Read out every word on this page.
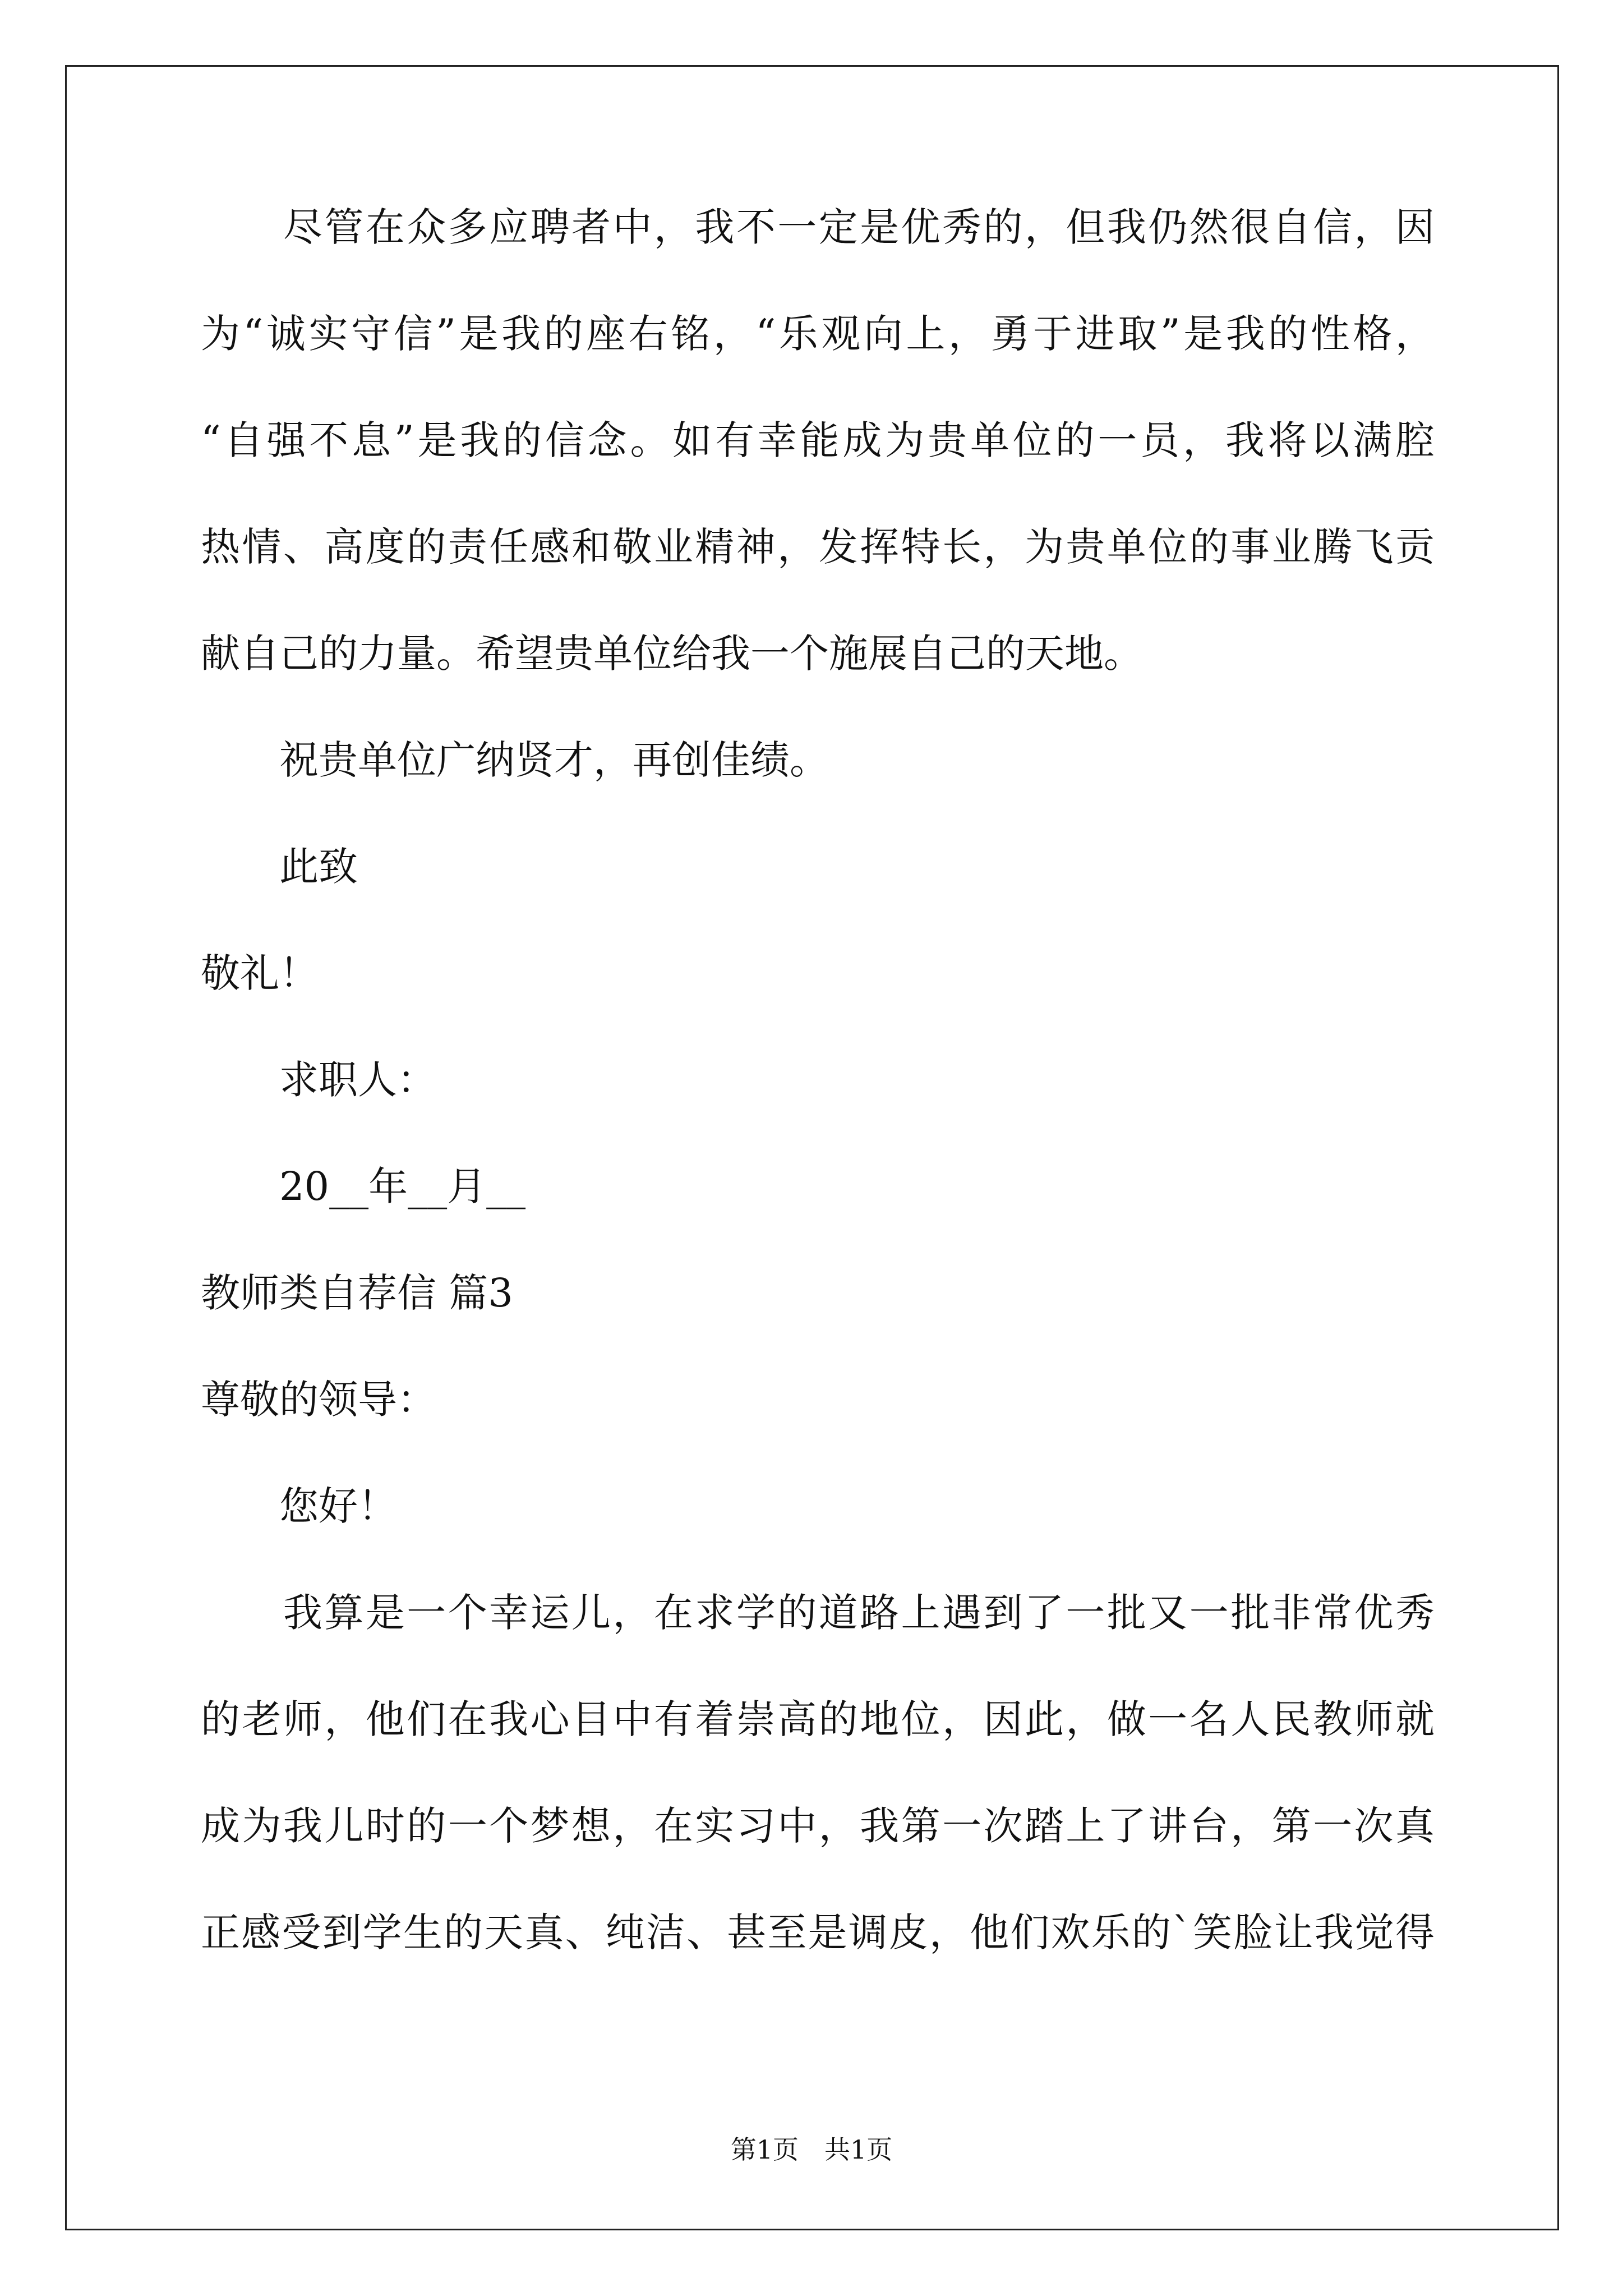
　　尽管在众多应聘者中，我不一定是优秀的，但我仍然很自信，因
为“诚实守信”是我的座右铭，“乐观向上，勇于进取”是我的性格，
“自强不息”是我的信念。如有幸能成为贵单位的一员，我将以满腔
热情、高度的责任感和敬业精神，发挥特长，为贵单位的事业腾飞贡
献自己的力量。希望贵单位给我一个施展自己的天地。
　　祝贵单位广纳贤才，再创佳绩。
　　此致
敬礼！
　　求职人：
　　20__年__月__
教师类自荐信 篇3
尊敬的领导：
　　您好！
　　我算是一个幸运儿，在求学的道路上遇到了一批又一批非常优秀
的老师，他们在我心目中有着崇高的地位，因此，做一名人民教师就
成为我儿时的一个梦想，在实习中，我第一次踏上了讲台，第一次真
正感受到学生的天真、纯洁、甚至是调皮，他们欢乐的`笑脸让我觉得
第1页　共1页
